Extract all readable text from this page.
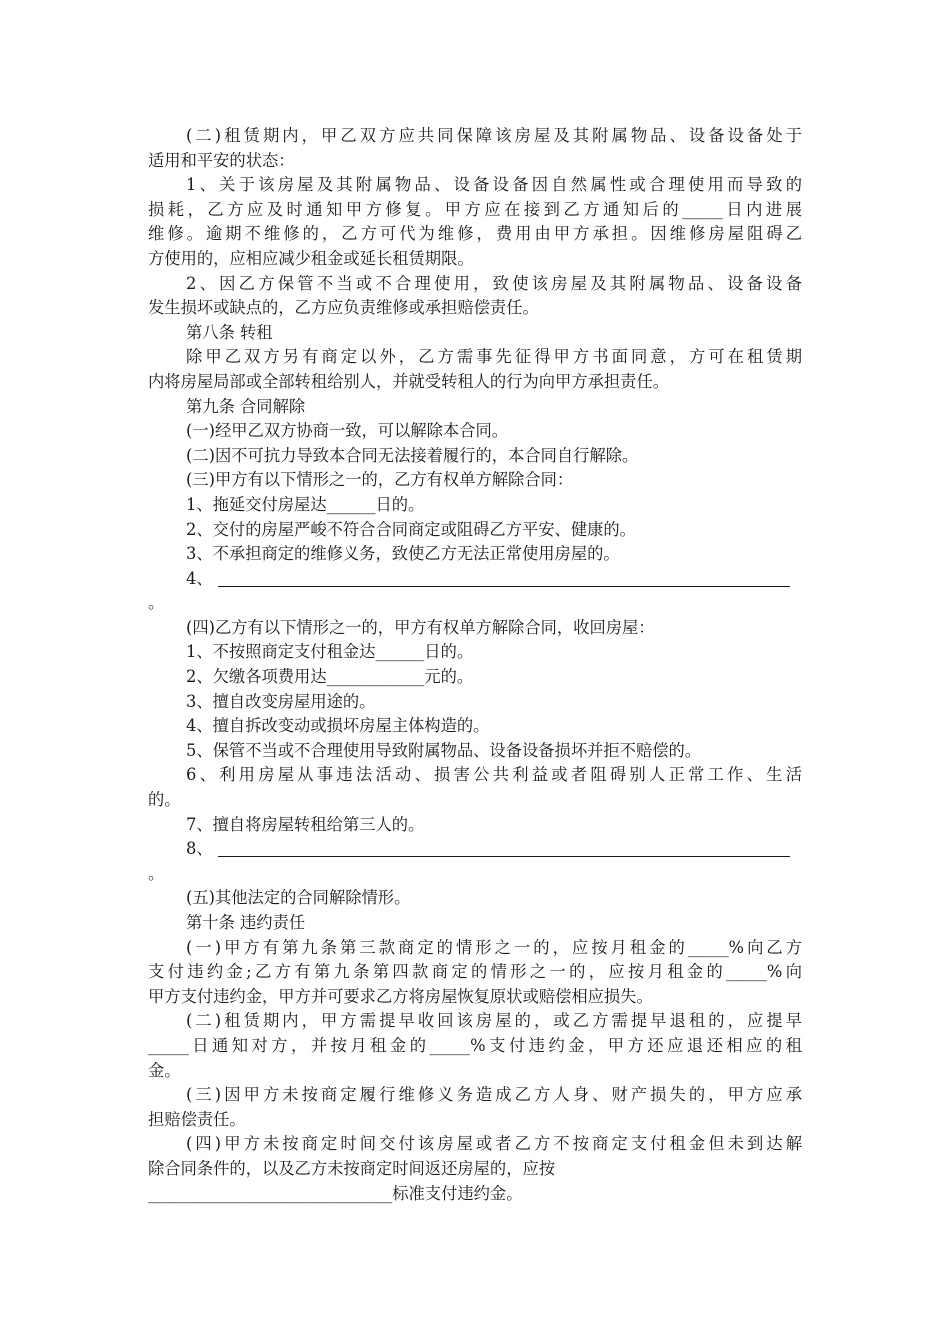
(二)租赁期内，甲乙双方应共同保障该房屋及其附属物品、设备设备处于
适用和平安的状态：
1、关于该房屋及其附属物品、设备设备因自然属性或合理使用而导致的
损耗，乙方应及时通知甲方修复。甲方应在接到乙方通知后的_____日内进展
维修。逾期不维修的，乙方可代为维修，费用由甲方承担。因维修房屋阻碍乙
方使用的，应相应减少租金或延长租赁期限。
2、因乙方保管不当或不合理使用，致使该房屋及其附属物品、设备设备
发生损坏或缺点的，乙方应负责维修或承担赔偿责任。
第八条 转租
除甲乙双方另有商定以外，乙方需事先征得甲方书面同意，方可在租赁期
内将房屋局部或全部转租给别人，并就受转租人的行为向甲方承担责任。
第九条 合同解除
(一)经甲乙双方协商一致，可以解除本合同。
(二)因不可抗力导致本合同无法接着履行的，本合同自行解除。
(三)甲方有以下情形之一的，乙方有权单方解除合同：
1、拖延交付房屋达______日的。
2、交付的房屋严峻不符合合同商定或阻碍乙方平安、健康的。
3、不承担商定的维修义务，致使乙方无法正常使用房屋的。
4、
。
(四)乙方有以下情形之一的，甲方有权单方解除合同，收回房屋：
1、不按照商定支付租金达______日的。
2、欠缴各项费用达____________元的。
3、擅自改变房屋用途的。
4、擅自拆改变动或损坏房屋主体构造的。
5、保管不当或不合理使用导致附属物品、设备设备损坏并拒不赔偿的。
6、利用房屋从事违法活动、损害公共利益或者阻碍别人正常工作、生活
的。
7、擅自将房屋转租给第三人的。
8、
。
(五)其他法定的合同解除情形。
第十条 违约责任
(一)甲方有第九条第三款商定的情形之一的，应按月租金的_____%向乙方
支付违约金;乙方有第九条第四款商定的情形之一的，应按月租金的_____%向
甲方支付违约金，甲方并可要求乙方将房屋恢复原状或赔偿相应损失。
(二)租赁期内，甲方需提早收回该房屋的，或乙方需提早退租的，应提早
_____日通知对方，并按月租金的_____%支付违约金，甲方还应退还相应的租
金。
(三)因甲方未按商定履行维修义务造成乙方人身、财产损失的，甲方应承
担赔偿责任。
(四)甲方未按商定时间交付该房屋或者乙方不按商定支付租金但未到达解
除合同条件的，以及乙方未按商定时间返还房屋的，应按
______________________________标准支付违约金。
